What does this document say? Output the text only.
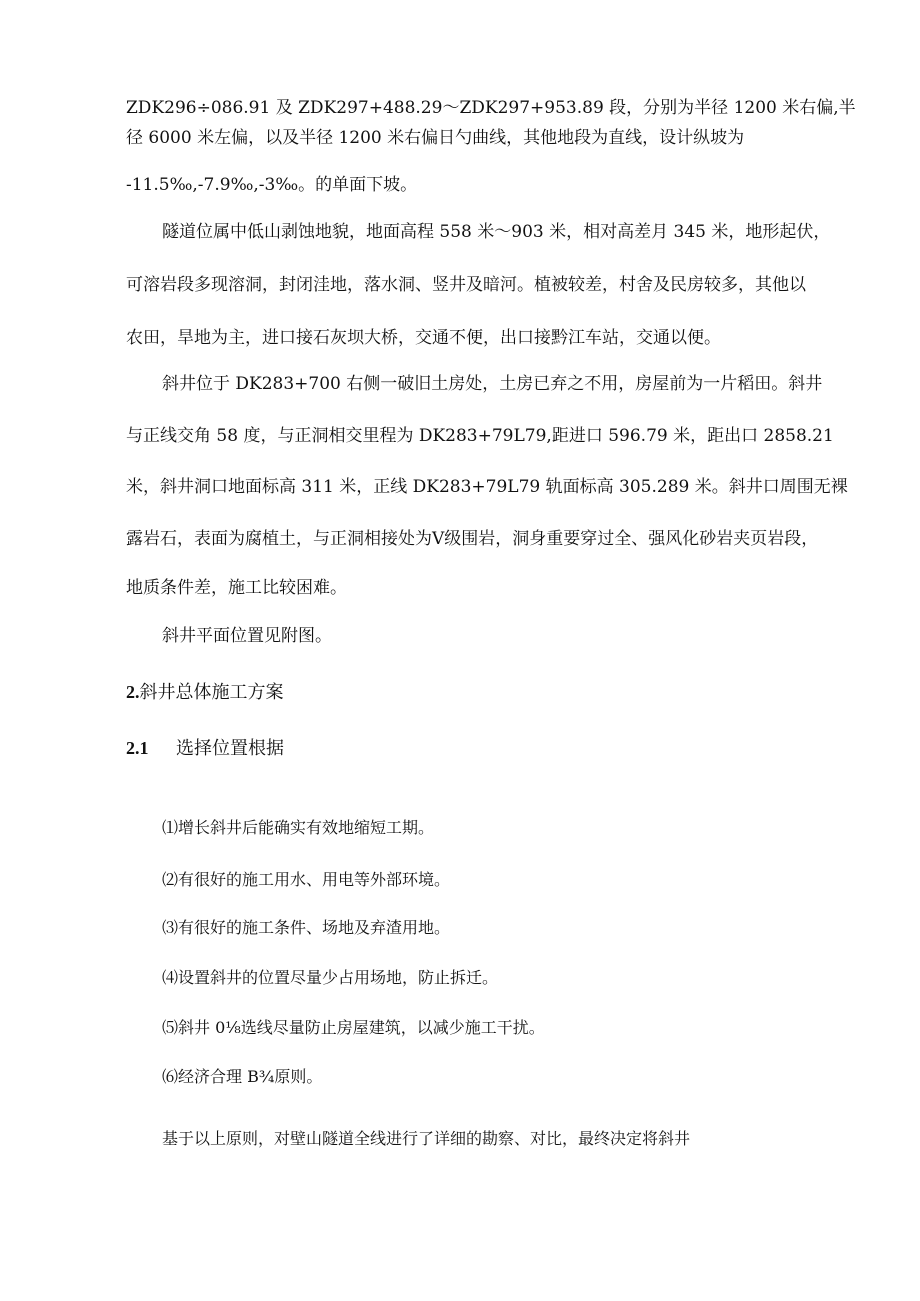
ZDK296÷086.91 及 ZDK297+488.29～ZDK297+953.89 段，分别为半径 1200 米右偏,半
径 6000 米左偏，以及半径 1200 米右偏日勺曲线，其他地段为直线，设计纵坡为
-11.5‰,-7.9‰,-3‰。的单面下坡。
隧道位属中低山剥蚀地貌，地面高程 558 米～903 米，相对高差月 345 米，地形起伏，
可溶岩段多现溶洞，封闭洼地，落水洞、竖井及暗河。植被较差，村舍及民房较多，其他以
农田，旱地为主，进口接石灰坝大桥，交通不便，出口接黔江车站，交通以便。
斜井位于 DK283+700 右侧一破旧土房处，土房已弃之不用，房屋前为一片稻田。斜井
与正线交角 58 度，与正洞相交里程为 DK283+79L79,距进口 596.79 米，距出口 2858.21
米，斜井洞口地面标高 311 米，正线 DK283+79L79 轨面标高 305.289 米。斜井口周围无裸
露岩石，表面为腐植土，与正洞相接处为Ⅴ级围岩，洞身重要穿过全、强风化砂岩夹页岩段，
地质条件差，施工比较困难。
斜井平面位置见附图。
2.斜井总体施工方案
2.1 选择位置根据
⑴增长斜井后能确实有效地缩短工期。
⑵有很好的施工用水、用电等外部环境。
⑶有很好的施工条件、场地及弃渣用地。
⑷设置斜井的位置尽量少占用场地，防止拆迁。
⑸斜井 0⅛选线尽量防止房屋建筑，以减少施工干扰。
⑹经济合理 B¾原则。
基于以上原则，对壁山隧道全线进行了详细的勘察、对比，最终决定将斜井
